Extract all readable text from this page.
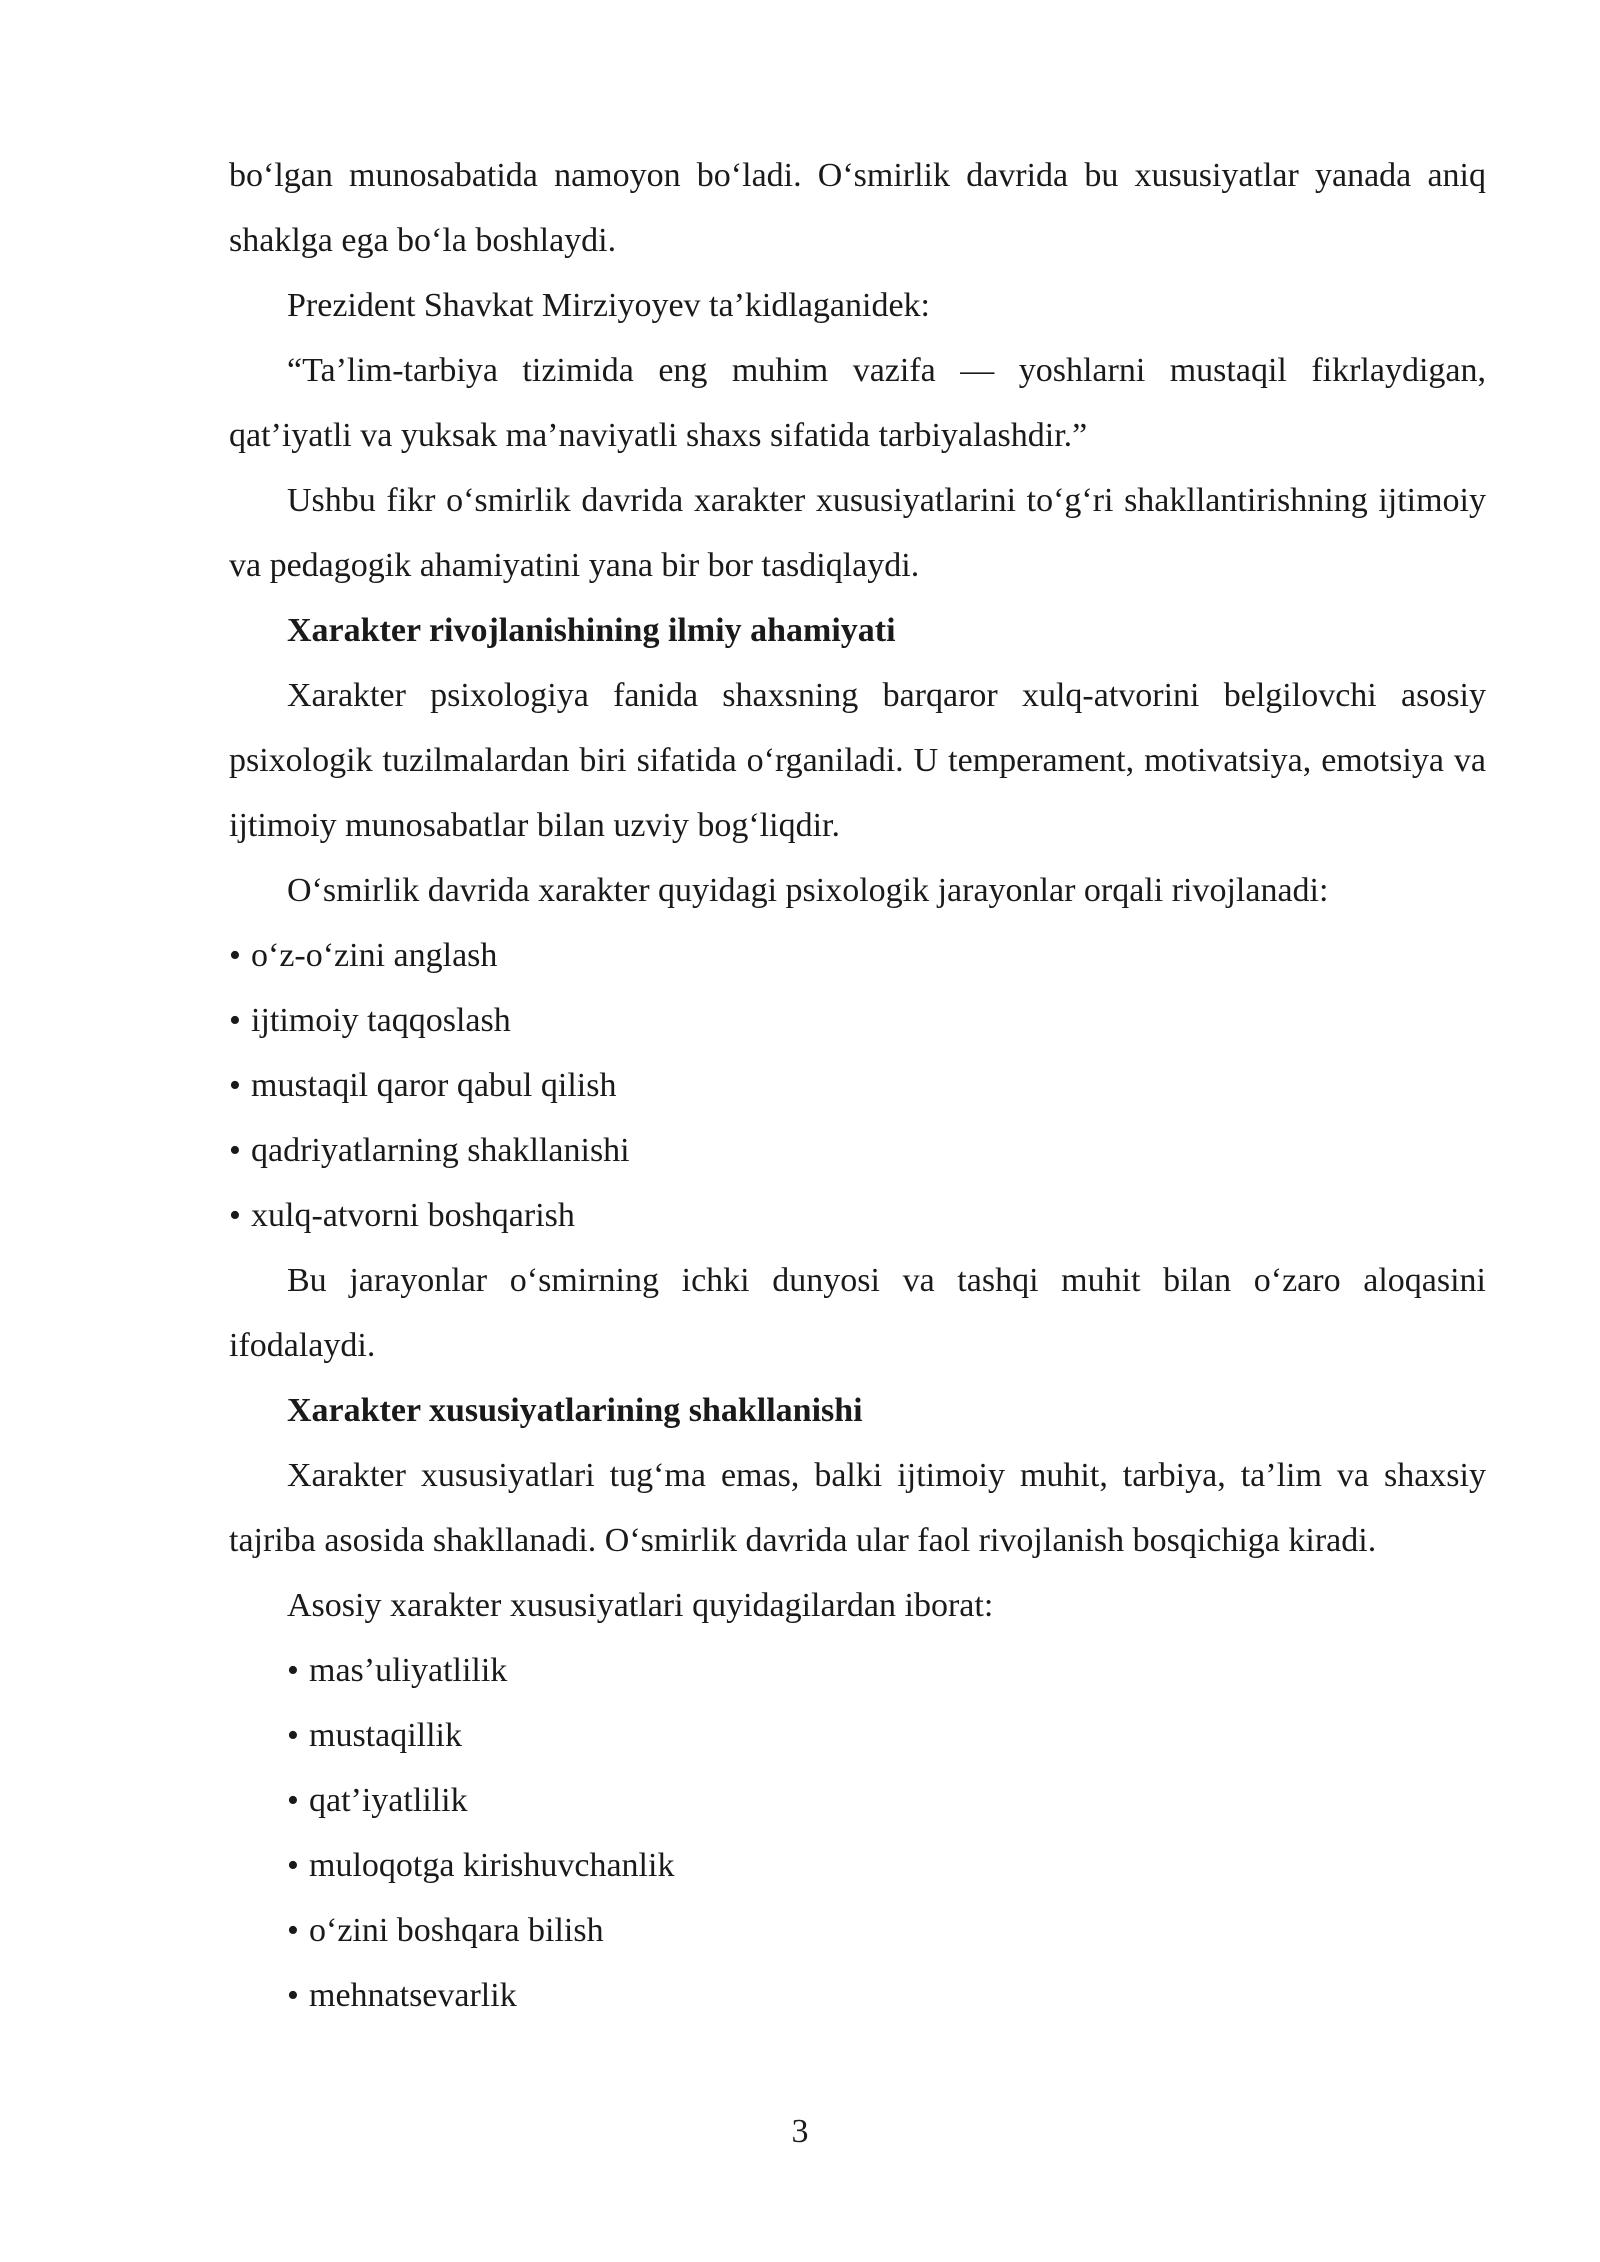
bo‘lgan munosabatida namoyon bo‘ladi. O‘smirlik davrida bu xususiyatlar yanada aniq shaklga ega bo‘la boshlaydi.

Prezident Shavkat Mirziyoyev ta’kidlaganidek:

“Ta’lim-tarbiya tizimida eng muhim vazifa — yoshlarni mustaqil fikrlaydigan, qat’iyatli va yuksak ma’naviyatli shaxs sifatida tarbiyalashdir.”

Ushbu fikr o‘smirlik davrida xarakter xususiyatlarini to‘g‘ri shakllantirishning ijtimoiy va pedagogik ahamiyatini yana bir bor tasdiqlaydi.

Xarakter rivojlanishining ilmiy ahamiyati

Xarakter psixologiya fanida shaxsning barqaror xulq-atvorini belgilovchi asosiy psixologik tuzilmalardan biri sifatida o‘rganiladi. U temperament, motivatsiya, emotsiya va ijtimoiy munosabatlar bilan uzviy bog‘liqdir.

O‘smirlik davrida xarakter quyidagi psixologik jarayonlar orqali rivojlanadi:

• o‘z-o‘zini anglash
• ijtimoiy taqqoslash
• mustaqil qaror qabul qilish
• qadriyatlarning shakllanishi
• xulq-atvorni boshqarish

Bu jarayonlar o‘smirning ichki dunyosi va tashqi muhit bilan o‘zaro aloqasini ifodalaydi.

Xarakter xususiyatlarining shakllanishi

Xarakter xususiyatlari tug‘ma emas, balki ijtimoiy muhit, tarbiya, ta’lim va shaxsiy tajriba asosida shakllanadi. O‘smirlik davrida ular faol rivojlanish bosqichiga kiradi.

Asosiy xarakter xususiyatlari quyidagilardan iborat:

• mas’uliyatlilik
• mustaqillik
• qat’iyatlilik
• muloqotga kirishuvchanlik
• o‘zini boshqara bilish
• mehnatsevarlik
3
